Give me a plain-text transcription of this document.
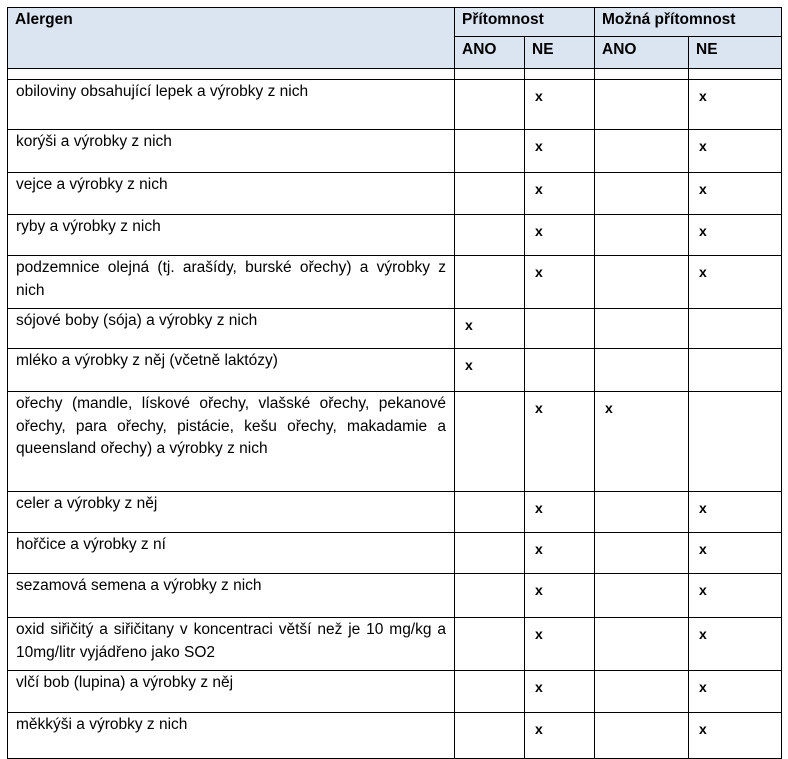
Alergen	Přítomnost		Možná přítomnost	
	ANO	NE	ANO	NE

obiloviny obsahující lepek a výrobky z nich		x		x
korýši a výrobky z nich		x		x
vejce a výrobky z nich		x		x
ryby a výrobky z nich		x		x
podzemnice olejná (tj. arašídy, burské ořechy) a výrobky z nich		x		x
sójové boby (sója) a výrobky z nich	x			
mléko a výrobky z něj (včetně laktózy)	x			
ořechy (mandle, lískové ořechy, vlašské ořechy, pekanové ořechy, para ořechy, pistácie, kešu ořechy, makadamie a queensland ořechy) a výrobky z nich		x	x	
celer a výrobky z něj		x		x
hořčice a výrobky z ní		x		x
sezamová semena a výrobky z nich		x		x
oxid siřičitý a siřičitany v koncentraci větší než je 10 mg/kg a 10mg/litr vyjádřeno jako SO2		x		x
vlčí bob (lupina) a výrobky z něj		x		x
měkkýši a výrobky z nich		x		x
